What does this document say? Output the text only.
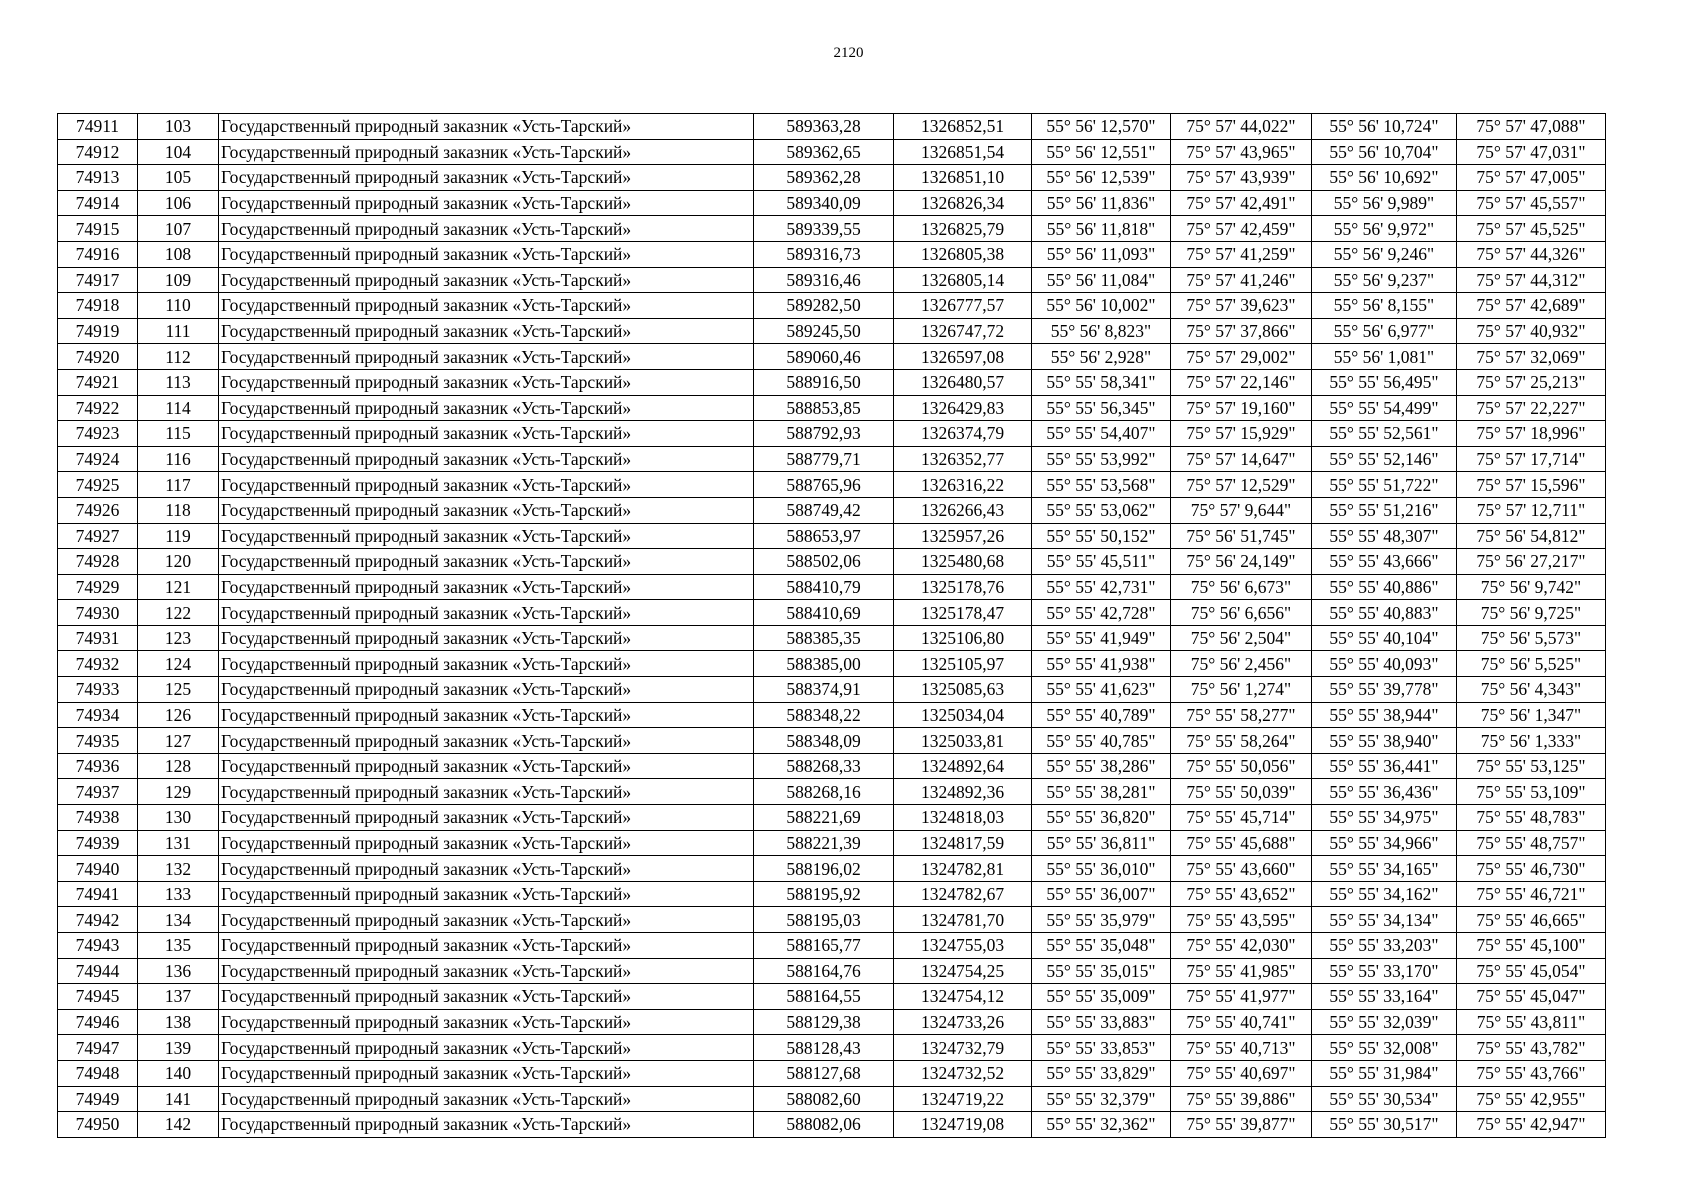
2120
74911	103	Государственный природный заказник «Усть-Тарский»	589363,28	1326852,51	55° 56' 12,570"	75° 57' 44,022"	55° 56' 10,724"	75° 57' 47,088"
74912	104	Государственный природный заказник «Усть-Тарский»	589362,65	1326851,54	55° 56' 12,551"	75° 57' 43,965"	55° 56' 10,704"	75° 57' 47,031"
74913	105	Государственный природный заказник «Усть-Тарский»	589362,28	1326851,10	55° 56' 12,539"	75° 57' 43,939"	55° 56' 10,692"	75° 57' 47,005"
74914	106	Государственный природный заказник «Усть-Тарский»	589340,09	1326826,34	55° 56' 11,836"	75° 57' 42,491"	55° 56' 9,989"	75° 57' 45,557"
74915	107	Государственный природный заказник «Усть-Тарский»	589339,55	1326825,79	55° 56' 11,818"	75° 57' 42,459"	55° 56' 9,972"	75° 57' 45,525"
74916	108	Государственный природный заказник «Усть-Тарский»	589316,73	1326805,38	55° 56' 11,093"	75° 57' 41,259"	55° 56' 9,246"	75° 57' 44,326"
74917	109	Государственный природный заказник «Усть-Тарский»	589316,46	1326805,14	55° 56' 11,084"	75° 57' 41,246"	55° 56' 9,237"	75° 57' 44,312"
74918	110	Государственный природный заказник «Усть-Тарский»	589282,50	1326777,57	55° 56' 10,002"	75° 57' 39,623"	55° 56' 8,155"	75° 57' 42,689"
74919	111	Государственный природный заказник «Усть-Тарский»	589245,50	1326747,72	55° 56' 8,823"	75° 57' 37,866"	55° 56' 6,977"	75° 57' 40,932"
74920	112	Государственный природный заказник «Усть-Тарский»	589060,46	1326597,08	55° 56' 2,928"	75° 57' 29,002"	55° 56' 1,081"	75° 57' 32,069"
74921	113	Государственный природный заказник «Усть-Тарский»	588916,50	1326480,57	55° 55' 58,341"	75° 57' 22,146"	55° 55' 56,495"	75° 57' 25,213"
74922	114	Государственный природный заказник «Усть-Тарский»	588853,85	1326429,83	55° 55' 56,345"	75° 57' 19,160"	55° 55' 54,499"	75° 57' 22,227"
74923	115	Государственный природный заказник «Усть-Тарский»	588792,93	1326374,79	55° 55' 54,407"	75° 57' 15,929"	55° 55' 52,561"	75° 57' 18,996"
74924	116	Государственный природный заказник «Усть-Тарский»	588779,71	1326352,77	55° 55' 53,992"	75° 57' 14,647"	55° 55' 52,146"	75° 57' 17,714"
74925	117	Государственный природный заказник «Усть-Тарский»	588765,96	1326316,22	55° 55' 53,568"	75° 57' 12,529"	55° 55' 51,722"	75° 57' 15,596"
74926	118	Государственный природный заказник «Усть-Тарский»	588749,42	1326266,43	55° 55' 53,062"	75° 57' 9,644"	55° 55' 51,216"	75° 57' 12,711"
74927	119	Государственный природный заказник «Усть-Тарский»	588653,97	1325957,26	55° 55' 50,152"	75° 56' 51,745"	55° 55' 48,307"	75° 56' 54,812"
74928	120	Государственный природный заказник «Усть-Тарский»	588502,06	1325480,68	55° 55' 45,511"	75° 56' 24,149"	55° 55' 43,666"	75° 56' 27,217"
74929	121	Государственный природный заказник «Усть-Тарский»	588410,79	1325178,76	55° 55' 42,731"	75° 56' 6,673"	55° 55' 40,886"	75° 56' 9,742"
74930	122	Государственный природный заказник «Усть-Тарский»	588410,69	1325178,47	55° 55' 42,728"	75° 56' 6,656"	55° 55' 40,883"	75° 56' 9,725"
74931	123	Государственный природный заказник «Усть-Тарский»	588385,35	1325106,80	55° 55' 41,949"	75° 56' 2,504"	55° 55' 40,104"	75° 56' 5,573"
74932	124	Государственный природный заказник «Усть-Тарский»	588385,00	1325105,97	55° 55' 41,938"	75° 56' 2,456"	55° 55' 40,093"	75° 56' 5,525"
74933	125	Государственный природный заказник «Усть-Тарский»	588374,91	1325085,63	55° 55' 41,623"	75° 56' 1,274"	55° 55' 39,778"	75° 56' 4,343"
74934	126	Государственный природный заказник «Усть-Тарский»	588348,22	1325034,04	55° 55' 40,789"	75° 55' 58,277"	55° 55' 38,944"	75° 56' 1,347"
74935	127	Государственный природный заказник «Усть-Тарский»	588348,09	1325033,81	55° 55' 40,785"	75° 55' 58,264"	55° 55' 38,940"	75° 56' 1,333"
74936	128	Государственный природный заказник «Усть-Тарский»	588268,33	1324892,64	55° 55' 38,286"	75° 55' 50,056"	55° 55' 36,441"	75° 55' 53,125"
74937	129	Государственный природный заказник «Усть-Тарский»	588268,16	1324892,36	55° 55' 38,281"	75° 55' 50,039"	55° 55' 36,436"	75° 55' 53,109"
74938	130	Государственный природный заказник «Усть-Тарский»	588221,69	1324818,03	55° 55' 36,820"	75° 55' 45,714"	55° 55' 34,975"	75° 55' 48,783"
74939	131	Государственный природный заказник «Усть-Тарский»	588221,39	1324817,59	55° 55' 36,811"	75° 55' 45,688"	55° 55' 34,966"	75° 55' 48,757"
74940	132	Государственный природный заказник «Усть-Тарский»	588196,02	1324782,81	55° 55' 36,010"	75° 55' 43,660"	55° 55' 34,165"	75° 55' 46,730"
74941	133	Государственный природный заказник «Усть-Тарский»	588195,92	1324782,67	55° 55' 36,007"	75° 55' 43,652"	55° 55' 34,162"	75° 55' 46,721"
74942	134	Государственный природный заказник «Усть-Тарский»	588195,03	1324781,70	55° 55' 35,979"	75° 55' 43,595"	55° 55' 34,134"	75° 55' 46,665"
74943	135	Государственный природный заказник «Усть-Тарский»	588165,77	1324755,03	55° 55' 35,048"	75° 55' 42,030"	55° 55' 33,203"	75° 55' 45,100"
74944	136	Государственный природный заказник «Усть-Тарский»	588164,76	1324754,25	55° 55' 35,015"	75° 55' 41,985"	55° 55' 33,170"	75° 55' 45,054"
74945	137	Государственный природный заказник «Усть-Тарский»	588164,55	1324754,12	55° 55' 35,009"	75° 55' 41,977"	55° 55' 33,164"	75° 55' 45,047"
74946	138	Государственный природный заказник «Усть-Тарский»	588129,38	1324733,26	55° 55' 33,883"	75° 55' 40,741"	55° 55' 32,039"	75° 55' 43,811"
74947	139	Государственный природный заказник «Усть-Тарский»	588128,43	1324732,79	55° 55' 33,853"	75° 55' 40,713"	55° 55' 32,008"	75° 55' 43,782"
74948	140	Государственный природный заказник «Усть-Тарский»	588127,68	1324732,52	55° 55' 33,829"	75° 55' 40,697"	55° 55' 31,984"	75° 55' 43,766"
74949	141	Государственный природный заказник «Усть-Тарский»	588082,60	1324719,22	55° 55' 32,379"	75° 55' 39,886"	55° 55' 30,534"	75° 55' 42,955"
74950	142	Государственный природный заказник «Усть-Тарский»	588082,06	1324719,08	55° 55' 32,362"	75° 55' 39,877"	55° 55' 30,517"	75° 55' 42,947"
